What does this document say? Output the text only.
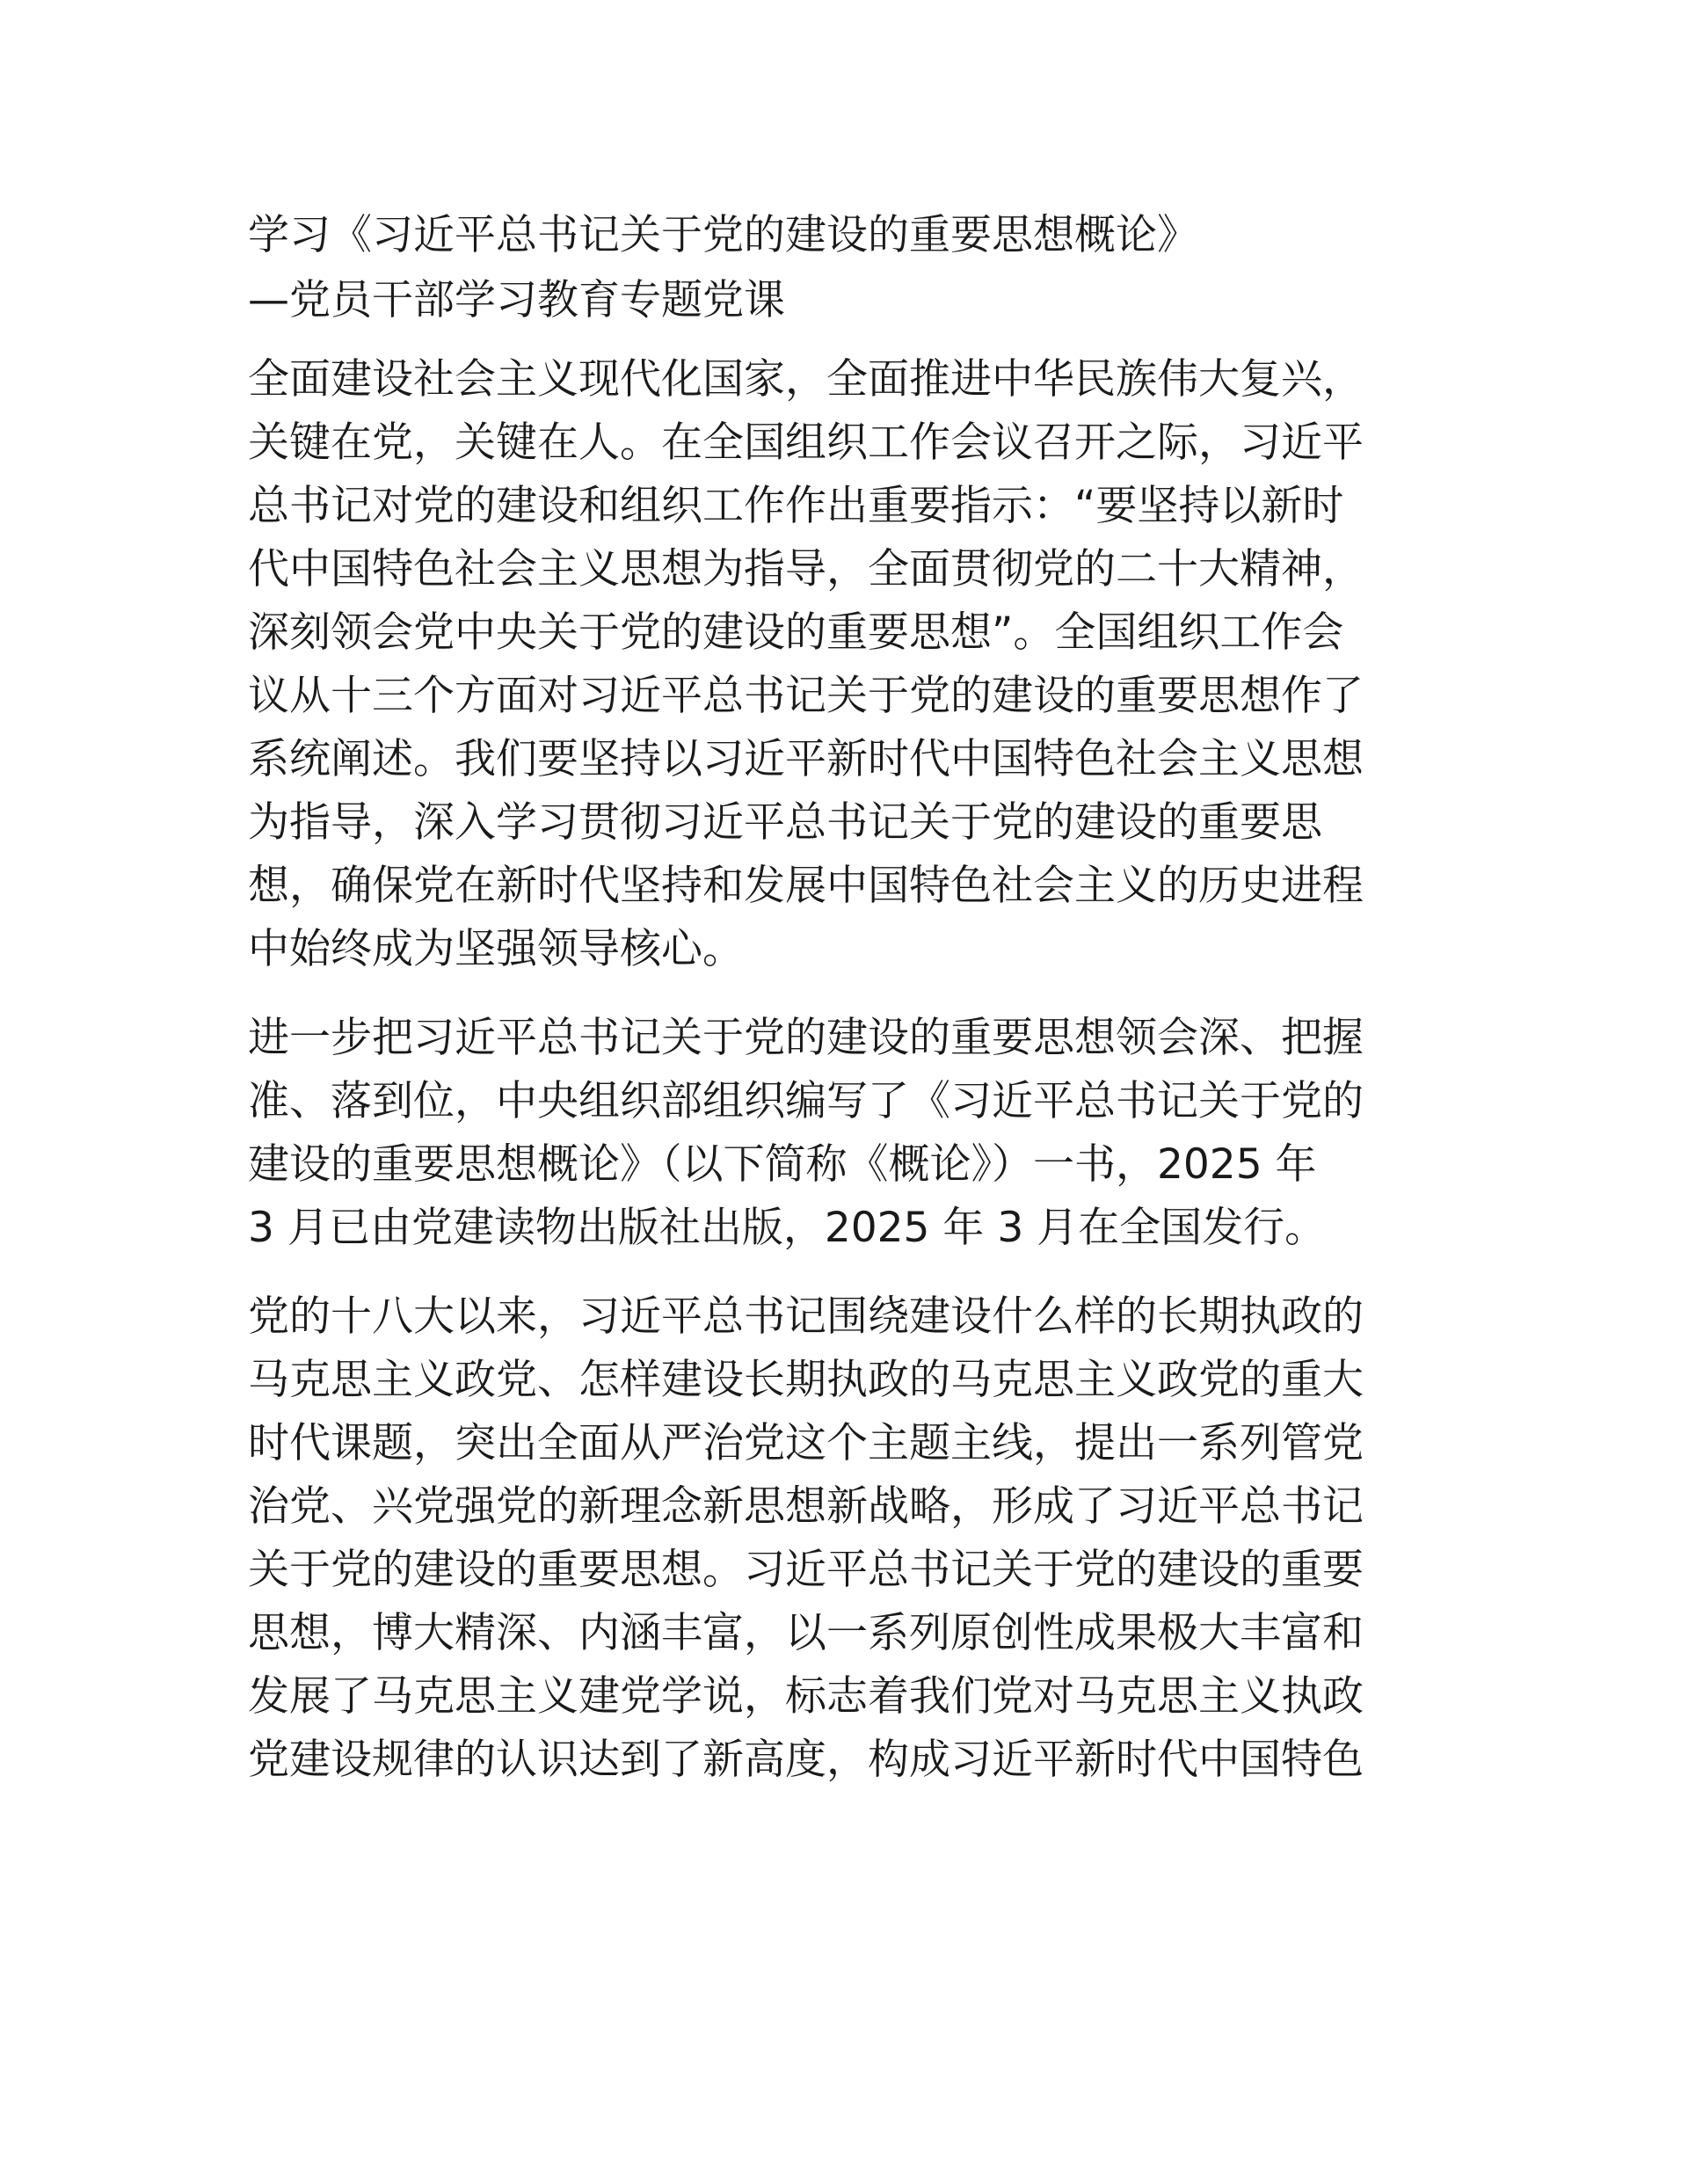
学习《习近平总书记关于党的建设的重要思想概论》
—党员干部学习教育专题党课
全面建设社会主义现代化国家，全面推进中华民族伟大复兴，
关键在党，关键在人。在全国组织工作会议召开之际，习近平
总书记对党的建设和组织工作作出重要指示：“要坚持以新时
代中国特色社会主义思想为指导，全面贯彻党的二十大精神，
深刻领会党中央关于党的建设的重要思想”。全国组织工作会
议从十三个方面对习近平总书记关于党的建设的重要思想作了
系统阐述。我们要坚持以习近平新时代中国特色社会主义思想
为指导，深入学习贯彻习近平总书记关于党的建设的重要思
想，确保党在新时代坚持和发展中国特色社会主义的历史进程
中始终成为坚强领导核心。
进一步把习近平总书记关于党的建设的重要思想领会深、把握
准、落到位，中央组织部组织编写了《习近平总书记关于党的
建设的重要思想概论》（以下简称《概论》）一书，2025 年
3 月已由党建读物出版社出版，2025 年 3 月在全国发行。
党的十八大以来，习近平总书记围绕建设什么样的长期执政的
马克思主义政党、怎样建设长期执政的马克思主义政党的重大
时代课题，突出全面从严治党这个主题主线，提出一系列管党
治党、兴党强党的新理念新思想新战略，形成了习近平总书记
关于党的建设的重要思想。习近平总书记关于党的建设的重要
思想，博大精深、内涵丰富，以一系列原创性成果极大丰富和
发展了马克思主义建党学说，标志着我们党对马克思主义执政
党建设规律的认识达到了新高度，构成习近平新时代中国特色
